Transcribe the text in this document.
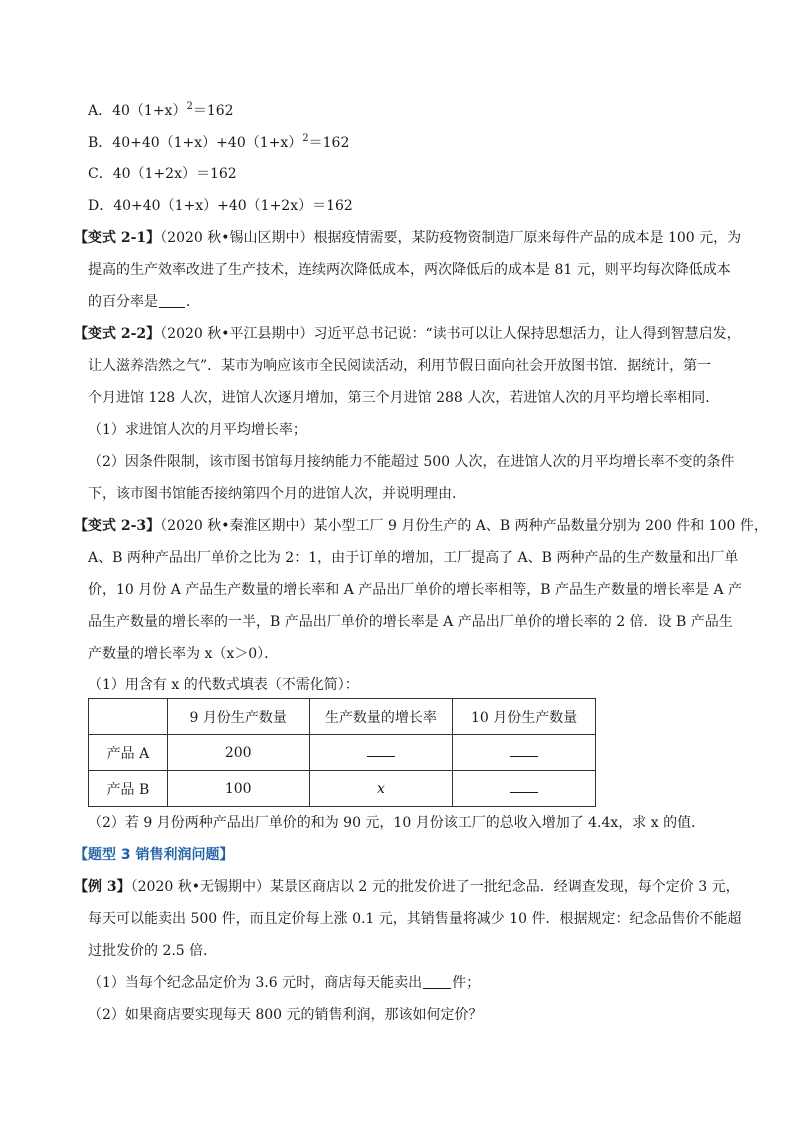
A．$40(1+x)^2=162$
B．$40+40(1+x)+40(1+x)^2=162$
C．40（1+2x）＝162
D．40+40（1+x）+40（1+2x）＝162
【变式 2-1】（2020 秋•锡山区期中）根据疫情需要，某防疫物资制造厂原来每件产品的成本是 100 元，为
提高的生产效率改进了生产技术，连续两次降低成本，两次降低后的成本是 81 元，则平均每次降低成本
的百分率是 ．
【变式 2-2】（2020 秋•平江县期中）习近平总书记说：“读书可以让人保持思想活力，让人得到智慧启发，
让人滋养浩然之气”．某市为响应该市全民阅读活动，利用节假日面向社会开放图书馆．据统计，第一
个月进馆 128 人次，进馆人次逐月增加，第三个月进馆 288 人次，若进馆人次的月平均增长率相同．
（1）求进馆人次的月平均增长率；
（2）因条件限制，该市图书馆每月接纳能力不能超过 500 人次，在进馆人次的月平均增长率不变的条件
下，该市图书馆能否接纳第四个月的进馆人次，并说明理由．
【变式 2-3】（2020 秋•秦淮区期中）某小型工厂 9 月份生产的 A、B 两种产品数量分别为 200 件和 100 件，
A、B 两种产品出厂单价之比为 2：1，由于订单的增加，工厂提高了 A、B 两种产品的生产数量和出厂单
价，10 月份 A 产品生产数量的增长率和 A 产品出厂单价的增长率相等，B 产品生产数量的增长率是 A 产
品生产数量的增长率的一半，B 产品出厂单价的增长率是 A 产品出厂单价的增长率的 2 倍．设 B 产品生
产数量的增长率为 x（x＞0）．
（1）用含有 x 的代数式填表（不需化简）：
	9 月份生产数量	生产数量的增长率	10 月份生产数量
产品 A	200		
产品 B	100	x	
（2）若 9 月份两种产品出厂单价的和为 90 元，10 月份该工厂的总收入增加了 4.4x，求 x 的值．
【题型 3 销售利润问题】
【例 3】（2020 秋•无锡期中）某景区商店以 2 元的批发价进了一批纪念品．经调查发现，每个定价 3 元，
每天可以能卖出 500 件，而且定价每上涨 0.1 元，其销售量将减少 10 件．根据规定：纪念品售价不能超
过批发价的 2.5 倍．
（1）当每个纪念品定价为 3.6 元时，商店每天能卖出 件；
（2）如果商店要实现每天 800 元的销售利润，那该如何定价？
